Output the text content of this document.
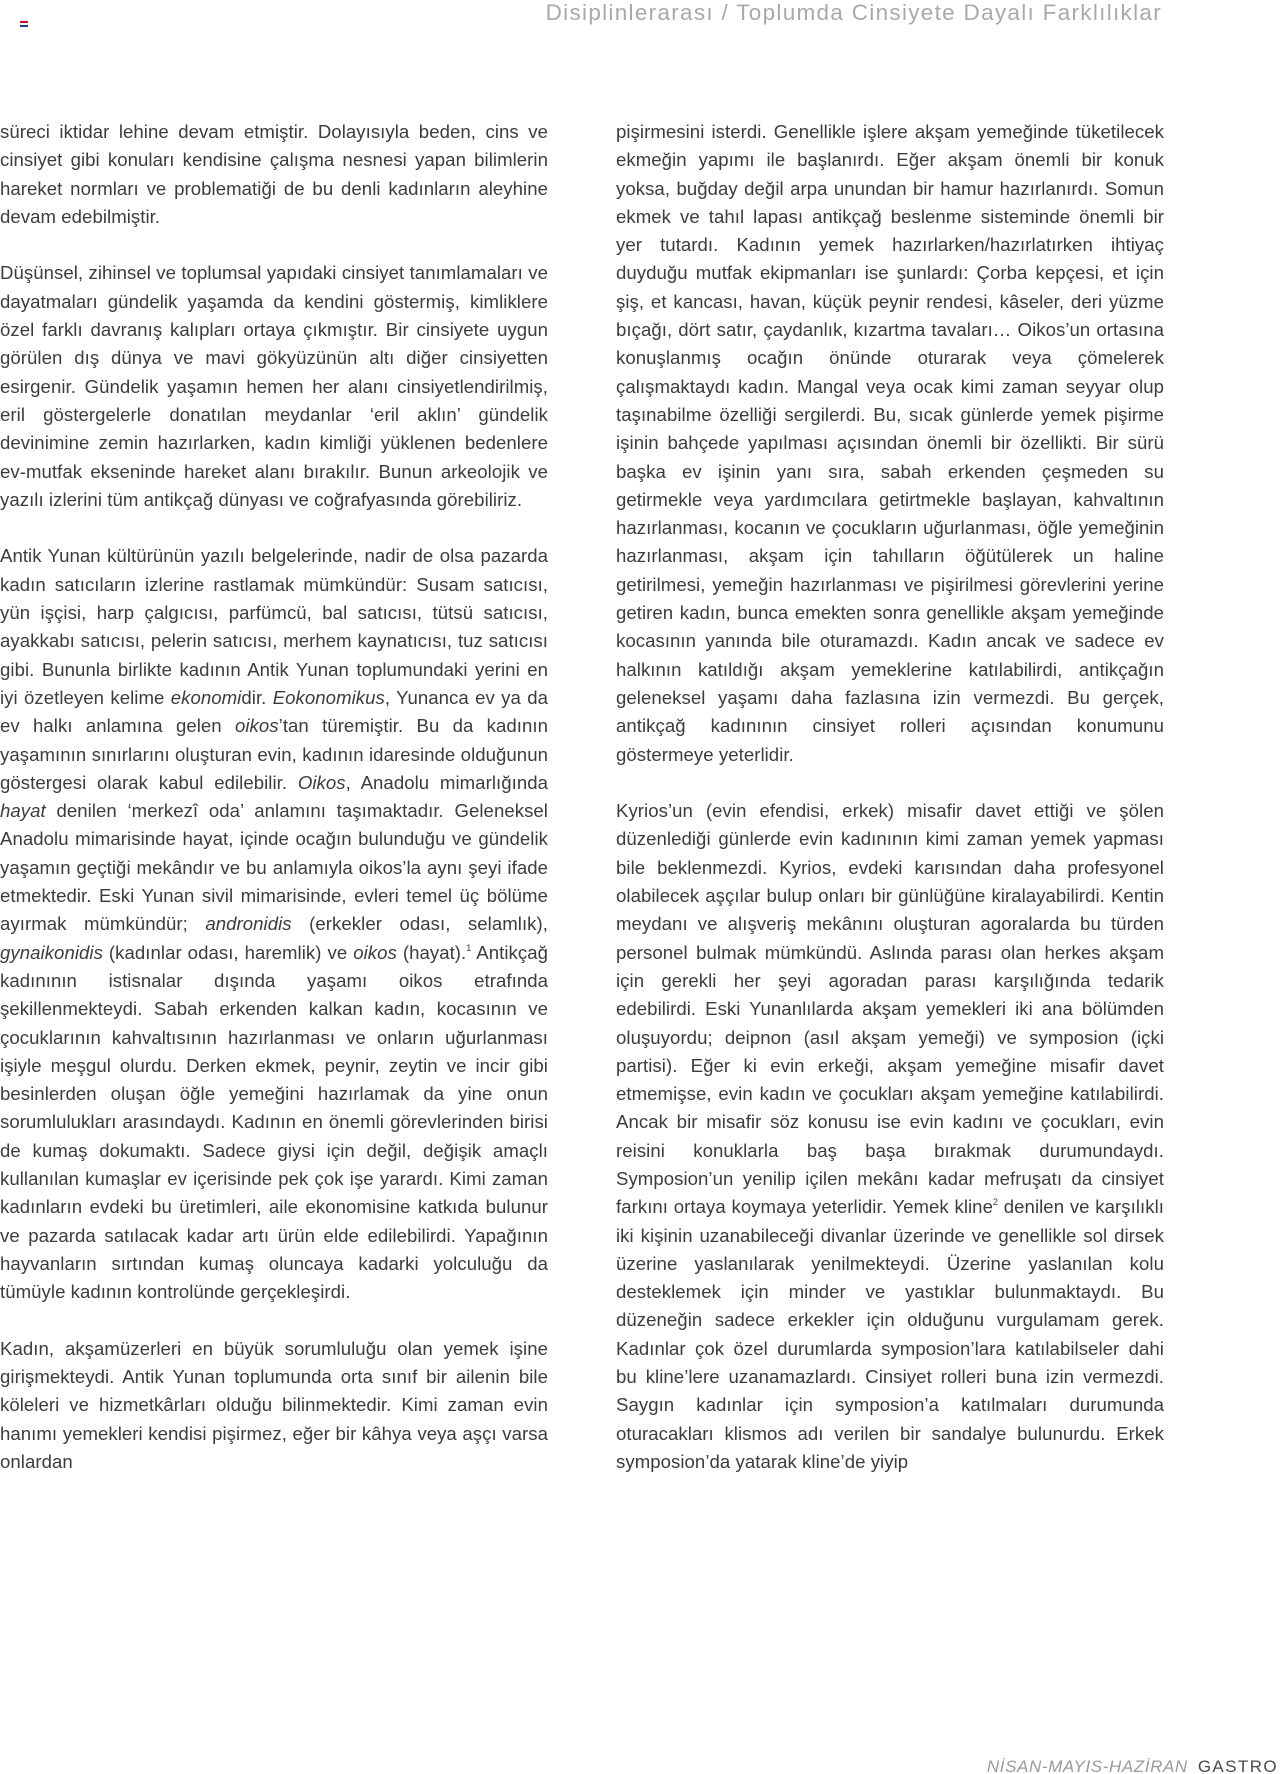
Disiplinlerarası / Toplumda Cinsiyete Dayalı Farklılıklar

süreci iktidar lehine devam etmiştir. Dolayısıyla beden, cins ve cinsiyet gibi konuları kendisine çalışma nesnesi yapan bilimlerin hareket normları ve problematiği de bu denli kadınların aleyhine devam edebilmiştir.

Düşünsel, zihinsel ve toplumsal yapıdaki cinsiyet tanımlamaları ve dayatmaları gündelik yaşamda da kendini göstermiş, kimliklere özel farklı davranış kalıpları ortaya çıkmıştır. Bir cinsiyete uygun görülen dış dünya ve mavi gökyüzünün altı diğer cinsiyetten esirgenir. Gündelik yaşamın hemen her alanı cinsiyetlendirilmiş, eril göstergelerle donatılan meydanlar ‘eril aklın’ gündelik devinimine zemin hazırlarken, kadın kimliği yüklenen bedenlere ev-mutfak ekseninde hareket alanı bırakılır. Bunun arkeolojik ve yazılı izlerini tüm antikçağ dünyası ve coğrafyasında görebiliriz.

Antik Yunan kültürünün yazılı belgelerinde, nadir de olsa pazarda kadın satıcıların izlerine rastlamak mümkündür: Susam satıcısı, yün işçisi, harp çalgıcısı, parfümcü, bal satıcısı, tütsü satıcısı, ayakkabı satıcısı, pelerin satıcısı, merhem kaynatıcısı, tuz satıcısı gibi. Bununla birlikte kadının Antik Yunan toplumundaki yerini en iyi özetleyen kelime ekonomidir. Eokonomikus, Yunanca ev ya da ev halkı anlamına gelen oikos’tan türemiştir. Bu da kadının yaşamının sınırlarını oluşturan evin, kadının idaresinde olduğunun göstergesi olarak kabul edilebilir. Oikos, Anadolu mimarlığında hayat denilen ‘merkezî oda’ anlamını taşımaktadır. Geleneksel Anadolu mimarisinde hayat, içinde ocağın bulunduğu ve gündelik yaşamın geçtiği mekândır ve bu anlamıyla oikos’la aynı şeyi ifade etmektedir. Eski Yunan sivil mimarisinde, evleri temel üç bölüme ayırmak mümkündür; andronidis (erkekler odası, selamlık), gynaikonidis (kadınlar odası, haremlik) ve oikos (hayat).$^1$ Antikçağ kadınının istisnalar dışında yaşamı oikos etrafında şekillenmekteydi. Sabah erkenden kalkan kadın, kocasının ve çocuklarının kahvaltısının hazırlanması ve onların uğurlanması işiyle meşgul olurdu. Derken ekmek, peynir, zeytin ve incir gibi besinlerden oluşan öğle yemeğini hazırlamak da yine onun sorumlulukları arasındaydı. Kadının en önemli görevlerinden birisi de kumaş dokumaktı. Sadece giysi için değil, değişik amaçlı kullanılan kumaşlar ev içerisinde pek çok işe yarardı. Kimi zaman kadınların evdeki bu üretimleri, aile ekonomisine katkıda bulunur ve pazarda satılacak kadar artı ürün elde edilebilirdi. Yapağının hayvanların sırtından kumaş oluncaya kadarki yolculuğu da tümüyle kadının kontrolünde gerçekleşirdi.

Kadın, akşamüzerleri en büyük sorumluluğu olan yemek işine girişmekteydi. Antik Yunan toplumunda orta sınıf bir ailenin bile köleleri ve hizmetkârları olduğu bilinmektedir. Kimi zaman evin hanımı yemekleri kendisi pişirmez, eğer bir kâhya veya aşçı varsa onlardan

pişirmesini isterdi. Genellikle işlere akşam yemeğinde tüketilecek ekmeğin yapımı ile başlanırdı. Eğer akşam önemli bir konuk yoksa, buğday değil arpa unundan bir hamur hazırlanırdı. Somun ekmek ve tahıl lapası antikçağ beslenme sisteminde önemli bir yer tutardı. Kadının yemek hazırlarken/hazırlatırken ihtiyaç duyduğu mutfak ekipmanları ise şunlardı: Çorba kepçesi, et için şiş, et kancası, havan, küçük peynir rendesi, kâseler, deri yüzme bıçağı, dört satır, çaydanlık, kızartma tavaları… Oikos’un ortasına konuşlanmış ocağın önünde oturarak veya çömelerek çalışmaktaydı kadın. Mangal veya ocak kimi zaman seyyar olup taşınabilme özelliği sergilerdi. Bu, sıcak günlerde yemek pişirme işinin bahçede yapılması açısından önemli bir özellikti. Bir sürü başka ev işinin yanı sıra, sabah erkenden çeşmeden su getirmekle veya yardımcılara getirtmekle başlayan, kahvaltının hazırlanması, kocanın ve çocukların uğurlanması, öğle yemeğinin hazırlanması, akşam için tahılların öğütülerek un haline getirilmesi, yemeğin hazırlanması ve pişirilmesi görevlerini yerine getiren kadın, bunca emekten sonra genellikle akşam yemeğinde kocasının yanında bile oturamazdı. Kadın ancak ve sadece ev halkının katıldığı akşam yemeklerine katılabilirdi, antikçağın geleneksel yaşamı daha fazlasına izin vermezdi. Bu gerçek, antikçağ kadınının cinsiyet rolleri açısından konumunu göstermeye yeterlidir.

Kyrios’un (evin efendisi, erkek) misafir davet ettiği ve şölen düzenlediği günlerde evin kadınının kimi zaman yemek yapması bile beklenmezdi. Kyrios, evdeki karısından daha profesyonel olabilecek aşçılar bulup onları bir günlüğüne kiralayabilirdi. Kentin meydanı ve alışveriş mekânını oluşturan agoralarda bu türden personel bulmak mümkündü. Aslında parası olan herkes akşam için gerekli her şeyi agoradan parası karşılığında tedarik edebilirdi. Eski Yunanlılarda akşam yemekleri iki ana bölümden oluşuyordu; deipnon (asıl akşam yemeği) ve symposion (içki partisi). Eğer ki evin erkeği, akşam yemeğine misafir davet etmemişse, evin kadın ve çocukları akşam yemeğine katılabilirdi. Ancak bir misafir söz konusu ise evin kadını ve çocukları, evin reisini konuklarla baş başa bırakmak durumundaydı. Symposion’un yenilip içilen mekânı kadar mefruşatı da cinsiyet farkını ortaya koymaya yeterlidir. Yemek kline$^2$ denilen ve karşılıklı iki kişinin uzanabileceği divanlar üzerinde ve genellikle sol dirsek üzerine yaslanılarak yenilmekteydi. Üzerine yaslanılan kolu desteklemek için minder ve yastıklar bulunmaktaydı. Bu düzeneğin sadece erkekler için olduğunu vurgulamam gerek. Kadınlar çok özel durumlarda symposion’lara katılabilseler dahi bu kline’lere uzanamazlardı. Cinsiyet rolleri buna izin vermezdi. Saygın kadınlar için symposion’a katılmaları durumunda oturacakları klismos adı verilen bir sandalye bulunurdu. Erkek symposion’da yatarak kline’de yiyip

NİSAN-MAYIS-HAZİRAN GASTRO
